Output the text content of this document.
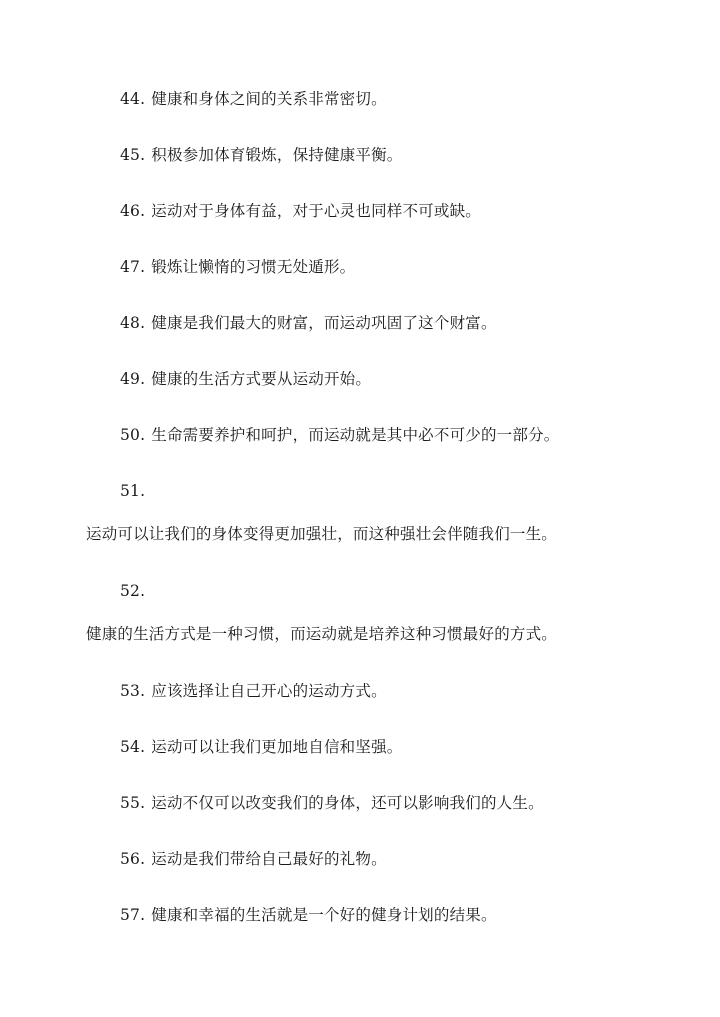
44. 健康和身体之间的关系非常密切。
45. 积极参加体育锻炼，保持健康平衡。
46. 运动对于身体有益，对于心灵也同样不可或缺。
47. 锻炼让懒惰的习惯无处遁形。
48. 健康是我们最大的财富，而运动巩固了这个财富。
49. 健康的生活方式要从运动开始。
50. 生命需要养护和呵护，而运动就是其中必不可少的一部分。
51.
运动可以让我们的身体变得更加强壮，而这种强壮会伴随我们一生。
52.
健康的生活方式是一种习惯，而运动就是培养这种习惯最好的方式。
53. 应该选择让自己开心的运动方式。
54. 运动可以让我们更加地自信和坚强。
55. 运动不仅可以改变我们的身体，还可以影响我们的人生。
56. 运动是我们带给自己最好的礼物。
57. 健康和幸福的生活就是一个好的健身计划的结果。
